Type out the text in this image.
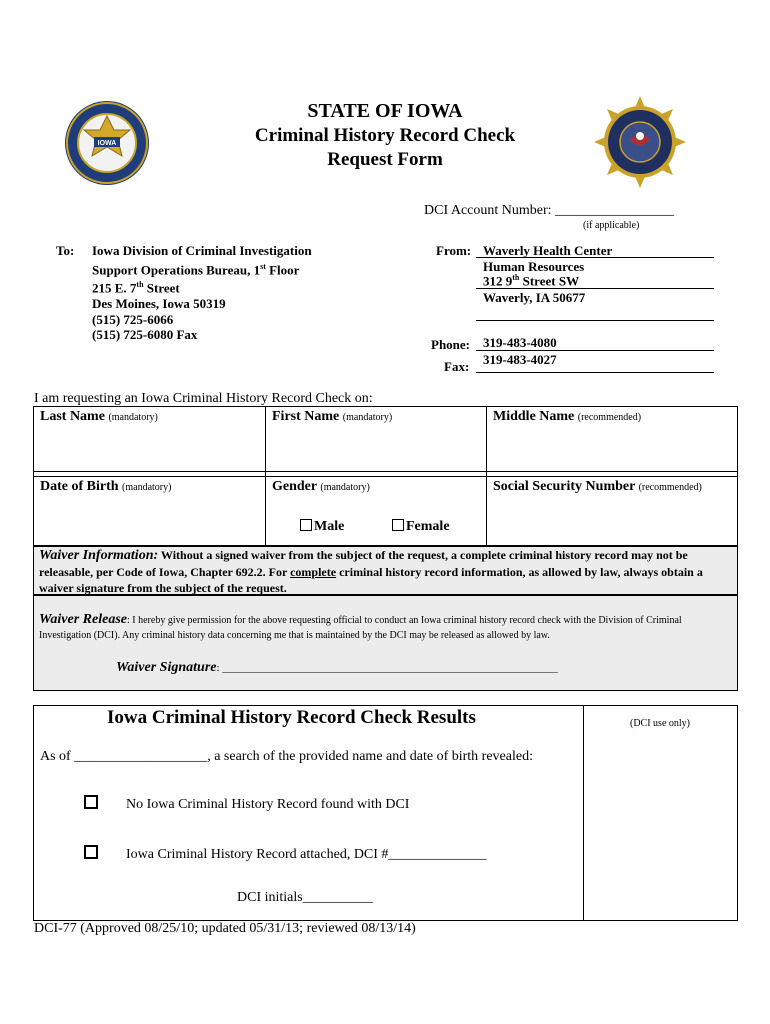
IOWA
STATE OF IOWA
Criminal History Record Check
Request Form
DCI Account Number: _________________
(if applicable)
To: Iowa Division of Criminal Investigation
Support Operations Bureau, 1st Floor
215 E. 7th Street
Des Moines, Iowa 50319
(515) 725-6066
(515) 725-6080 Fax
From: Waverly Health Center
Human Resources
312 9th Street SW
Waverly, IA 50677
Phone: 319-483-4080
Fax: 319-483-4027
I am requesting an Iowa Criminal History Record Check on:
Last Name (mandatory)	First Name (mandatory)	Middle Name (recommended)
Date of Birth (mandatory)	Gender (mandatory)	Social Security Number (recommended)
Male	Female
Waiver Information: Without a signed waiver from the subject of the request, a complete criminal history record may not be releasable, per Code of Iowa, Chapter 692.2. For complete criminal history record information, as allowed by law, always obtain a waiver signature from the subject of the request.
Waiver Release: I hereby give permission for the above requesting official to conduct an Iowa criminal history record check with the Division of Criminal Investigation (DCI). Any criminal history data concerning me that is maintained by the DCI may be released as allowed by law.
Waiver Signature: _____________________________________________________________
Iowa Criminal History Record Check Results	(DCI use only)
As of ___________________, a search of the provided name and date of birth revealed:
No Iowa Criminal History Record found with DCI
Iowa Criminal History Record attached, DCI #______________
DCI initials__________
DCI-77 (Approved 08/25/10; updated 05/31/13; reviewed 08/13/14)
